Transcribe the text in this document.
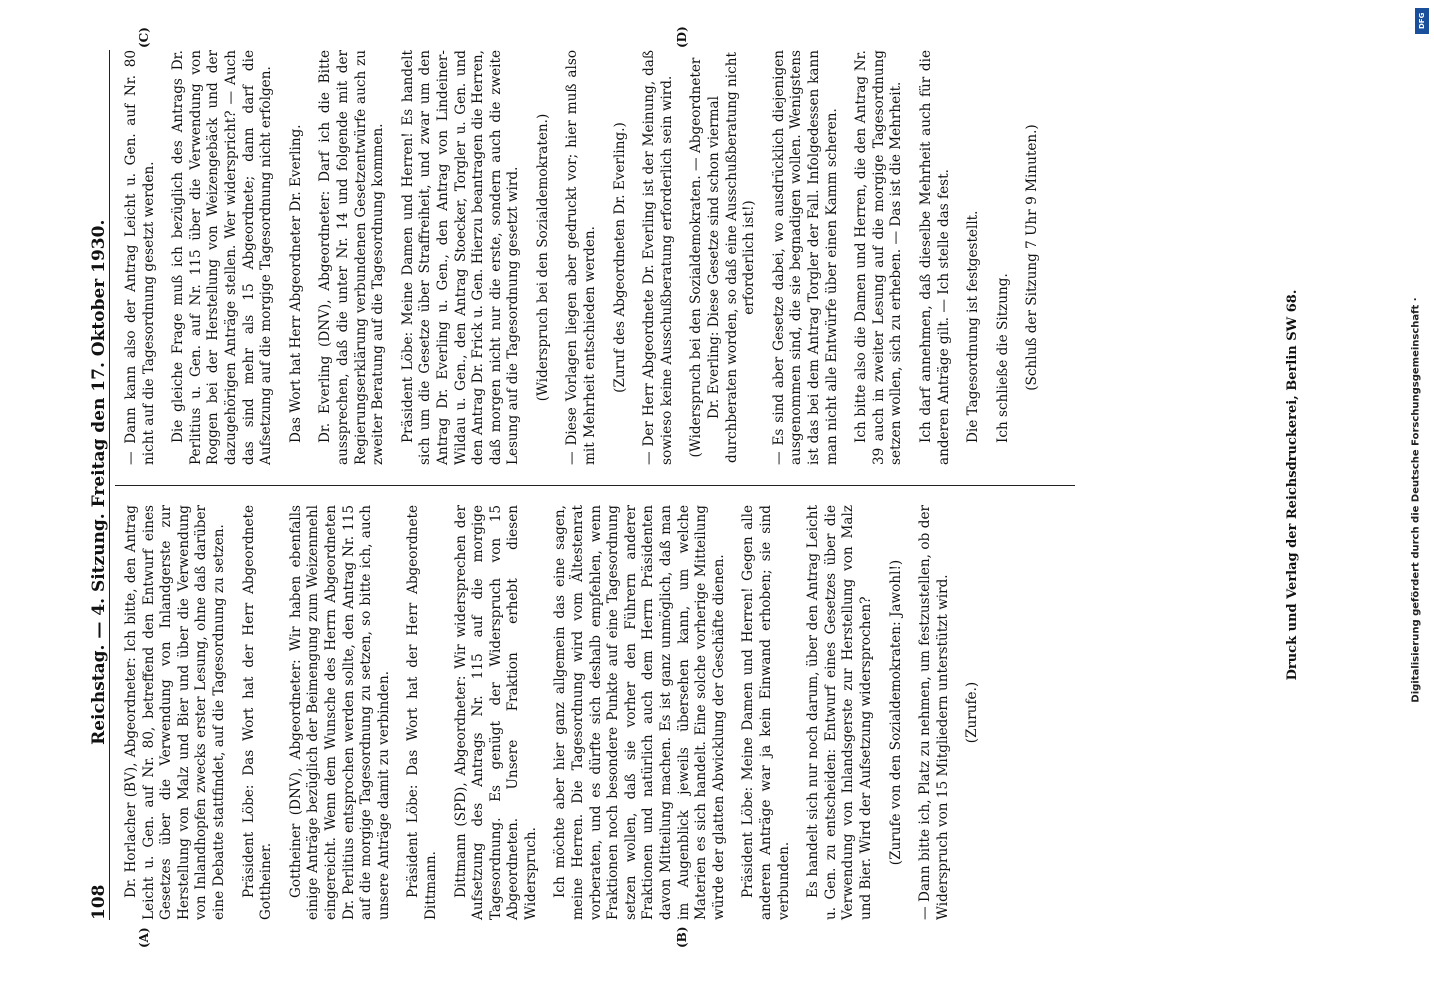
108
Reichstag. — 4. Sitzung. Freitag den 17. Oktober 1930.
(A)	(B)
(C)	(D)

Dr. Horlacher (BV), Abgeordneter: Ich bitte, den Antrag Leicht u. Gen. auf Nr. 80, betreffend den Entwurf eines Gesetzes über die Verwendung von Inlandgerste zur Herstellung von Malz und Bier und über die Verwendung von Inlandhopfen zwecks erster Lesung, ohne daß darüber eine Debatte stattfindet, auf die Tagesordnung zu setzen. Präsident Löbe: Das Wort hat der Herr Abgeordnete Gottheiner. Gottheiner (DNV), Abgeordneter: Wir haben ebenfalls einige Anträge bezüglich der Beimengung zum Weizenmehl eingereicht. Wenn dem Wunsche des Herrn Abgeordneten Dr. Perlitius entsprochen werden sollte, den Antrag Nr. 115 auf die morgige Tagesordnung zu setzen, so bitte ich, auch unsere Anträge damit zu verbinden. Präsident Löbe: Das Wort hat der Herr Abgeordnete Dittmann. Dittmann (SPD), Abgeordneter: Wir widersprechen der Aufsetzung des Antrags Nr. 115 auf die morgige Tagesordnung. Es genügt der Widerspruch von 15 Abgeordneten. Unsere Fraktion erhebt diesen Widerspruch. Ich möchte aber hier ganz allgemein das eine sagen, meine Herren. Die Tagesordnung wird vom Ältestenrat vorberaten, und es dürfte sich deshalb empfehlen, wenn Fraktionen noch besondere Punkte auf eine Tagesordnung setzen wollen, daß sie vorher den Führern anderer Fraktionen und natürlich auch dem Herrn Präsidenten davon Mitteilung machen. Es ist ganz unmöglich, daß man im Augenblick jeweils übersehen kann, um welche Materien es sich handelt. Eine solche vorherige Mitteilung würde der glatten Abwicklung der Geschäfte dienen. Präsident Löbe: Meine Damen und Herren! Gegen alle anderen Anträge war ja kein Einwand erhoben; sie sind verbunden. Es handelt sich nur noch darum, über den Antrag Leicht u. Gen. zu entscheiden: Entwurf eines Gesetzes über die Verwendung von Inlandsgerste zur Herstellung von Malz und Bier. Wird der Aufsetzung widersprochen? (Zurufe von den Sozialdemokraten: Jawohl!) — Dann bitte ich, Platz zu nehmen, um festzustellen, ob der Widerspruch von 15 Mitgliedern unterstützt wird. (Zurufe.)

— Dann kann also der Antrag Leicht u. Gen. auf Nr. 80 nicht auf die Tagesordnung gesetzt werden. Die gleiche Frage muß ich bezüglich des Antrags Dr. Perlitius u. Gen. auf Nr. 115 über die Verwendung von Roggen bei der Herstellung von Weizengebäck und der dazugehörigen Anträge stellen. Wer widerspricht? — Auch das sind mehr als 15 Abgeordnete; dann darf die Aufsetzung auf die morgige Tagesordnung nicht erfolgen. Das Wort hat Herr Abgeordneter Dr. Everling. Dr. Everling (DNV), Abgeordneter: Darf ich die Bitte aussprechen, daß die unter Nr. 14 und folgende mit der Regierungserklärung verbundenen Gesetzentwürfe auch zu zweiter Beratung auf die Tagesordnung kommen. Präsident Löbe: Meine Damen und Herren! Es handelt sich um die Gesetze über Straffreiheit, und zwar um den Antrag Dr. Everling u. Gen., den Antrag von Lindeiner-Wildau u. Gen., den Antrag Stoecker, Torgler u. Gen. und den Antrag Dr. Frick u. Gen. Hierzu beantragen die Herren, daß morgen nicht nur die erste, sondern auch die zweite Lesung auf die Tagesordnung gesetzt wird. (Widerspruch bei den Sozialdemokraten.) — Diese Vorlagen liegen aber gedruckt vor; hier muß also mit Mehrheit entschieden werden. (Zuruf des Abgeordneten Dr. Everling.) — Der Herr Abgeordnete Dr. Everling ist der Meinung, daß sowieso keine Ausschußberatung erforderlich sein wird. (Widerspruch bei den Sozialdemokraten. — Abgeordneter Dr. Everling: Diese Gesetze sind schon viermal durchberaten worden, so daß eine Ausschußberatung nicht erforderlich ist!) — Es sind aber Gesetze dabei, wo ausdrücklich diejenigen ausgenommen sind, die sie begnadigen wollen. Wenigstens ist das bei dem Antrag Torgler der Fall. Infolgedessen kann man nicht alle Entwürfe über einen Kamm scheren. Ich bitte also die Damen und Herren, die den Antrag Nr. 39 auch in zweiter Lesung auf die morgige Tagesordnung setzen wollen, sich zu erheben. — Das ist die Mehrheit. Ich darf annehmen, daß dieselbe Mehrheit auch für die anderen Anträge gilt. — Ich stelle das fest. Die Tagesordnung ist festgestellt. Ich schließe die Sitzung. (Schluß der Sitzung 7 Uhr 9 Minuten.)

Druck und Verlag der Reichsdruckerei, Berlin SW 68.	Digitalisierung gefördert durch die Deutsche Forschungsgemeinschaft ·
DFG
